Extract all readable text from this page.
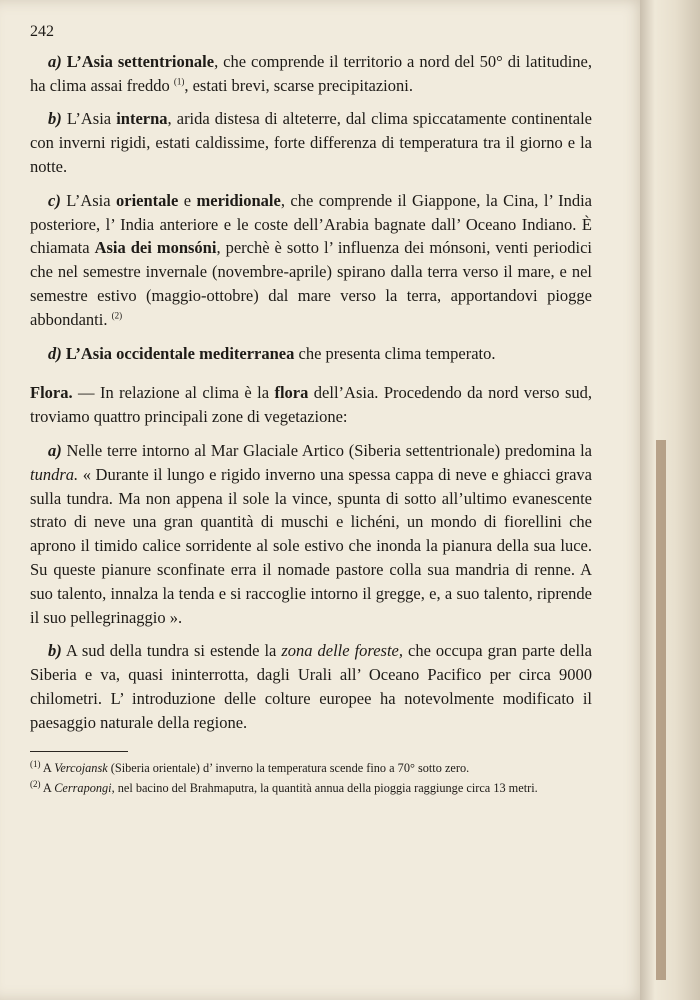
242

a) L’Asia settentrionale, che comprende il territorio a nord del 50° di latitudine, ha clima assai freddo $^{(1)}$, estati brevi, scarse precipitazioni.

b) L’Asia interna, arida distesa di alteterre, dal clima spiccatamente continentale con inverni rigidi, estati caldissime, forte differenza di temperatura tra il giorno e la notte.

c) L’Asia orientale e meridionale, che comprende il Giappone, la Cina, l’ India posteriore, l’ India anteriore e le coste dell’Arabia bagnate dall’ Oceano Indiano. È chiamata Asia dei monsóni, perchè è sotto l’ influenza dei mónsoni, venti periodici che nel semestre invernale (novembre-aprile) spirano dalla terra verso il mare, e nel semestre estivo (maggio-ottobre) dal mare verso la terra, apportandovi piogge abbondanti. $^{(2)}$

d) L’Asia occidentale mediterranea che presenta clima temperato.

Flora. — In relazione al clima è la flora dell’Asia. Procedendo da nord verso sud, troviamo quattro principali zone di vegetazione:

a) Nelle terre intorno al Mar Glaciale Artico (Siberia settentrionale) predomina la tundra. « Durante il lungo e rigido inverno una spessa cappa di neve e ghiacci grava sulla tundra. Ma non appena il sole la vince, spunta di sotto all’ultimo evanescente strato di neve una gran quantità di muschi e lichéni, un mondo di fiorellini che aprono il timido calice sorridente al sole estivo che inonda la pianura della sua luce. Su queste pianure sconfinate erra il nomade pastore colla sua mandria di renne. A suo talento, innalza la tenda e si raccoglie intorno il gregge, e, a suo talento, riprende il suo pellegrinaggio ».

b) A sud della tundra si estende la zona delle foreste, che occupa gran parte della Siberia e va, quasi ininterrotta, dagli Urali all’ Oceano Pacifico per circa 9000 chilometri. L’ introduzione delle colture europee ha notevolmente modificato il paesaggio naturale della regione.

$^{(1)}$ A Vercojansk (Siberia orientale) d’ inverno la temperatura scende fino a 70° sotto zero.

$^{(2)}$ A Cerrapongi, nel bacino del Brahmaputra, la quantità annua della pioggia raggiunge circa 13 metri.
